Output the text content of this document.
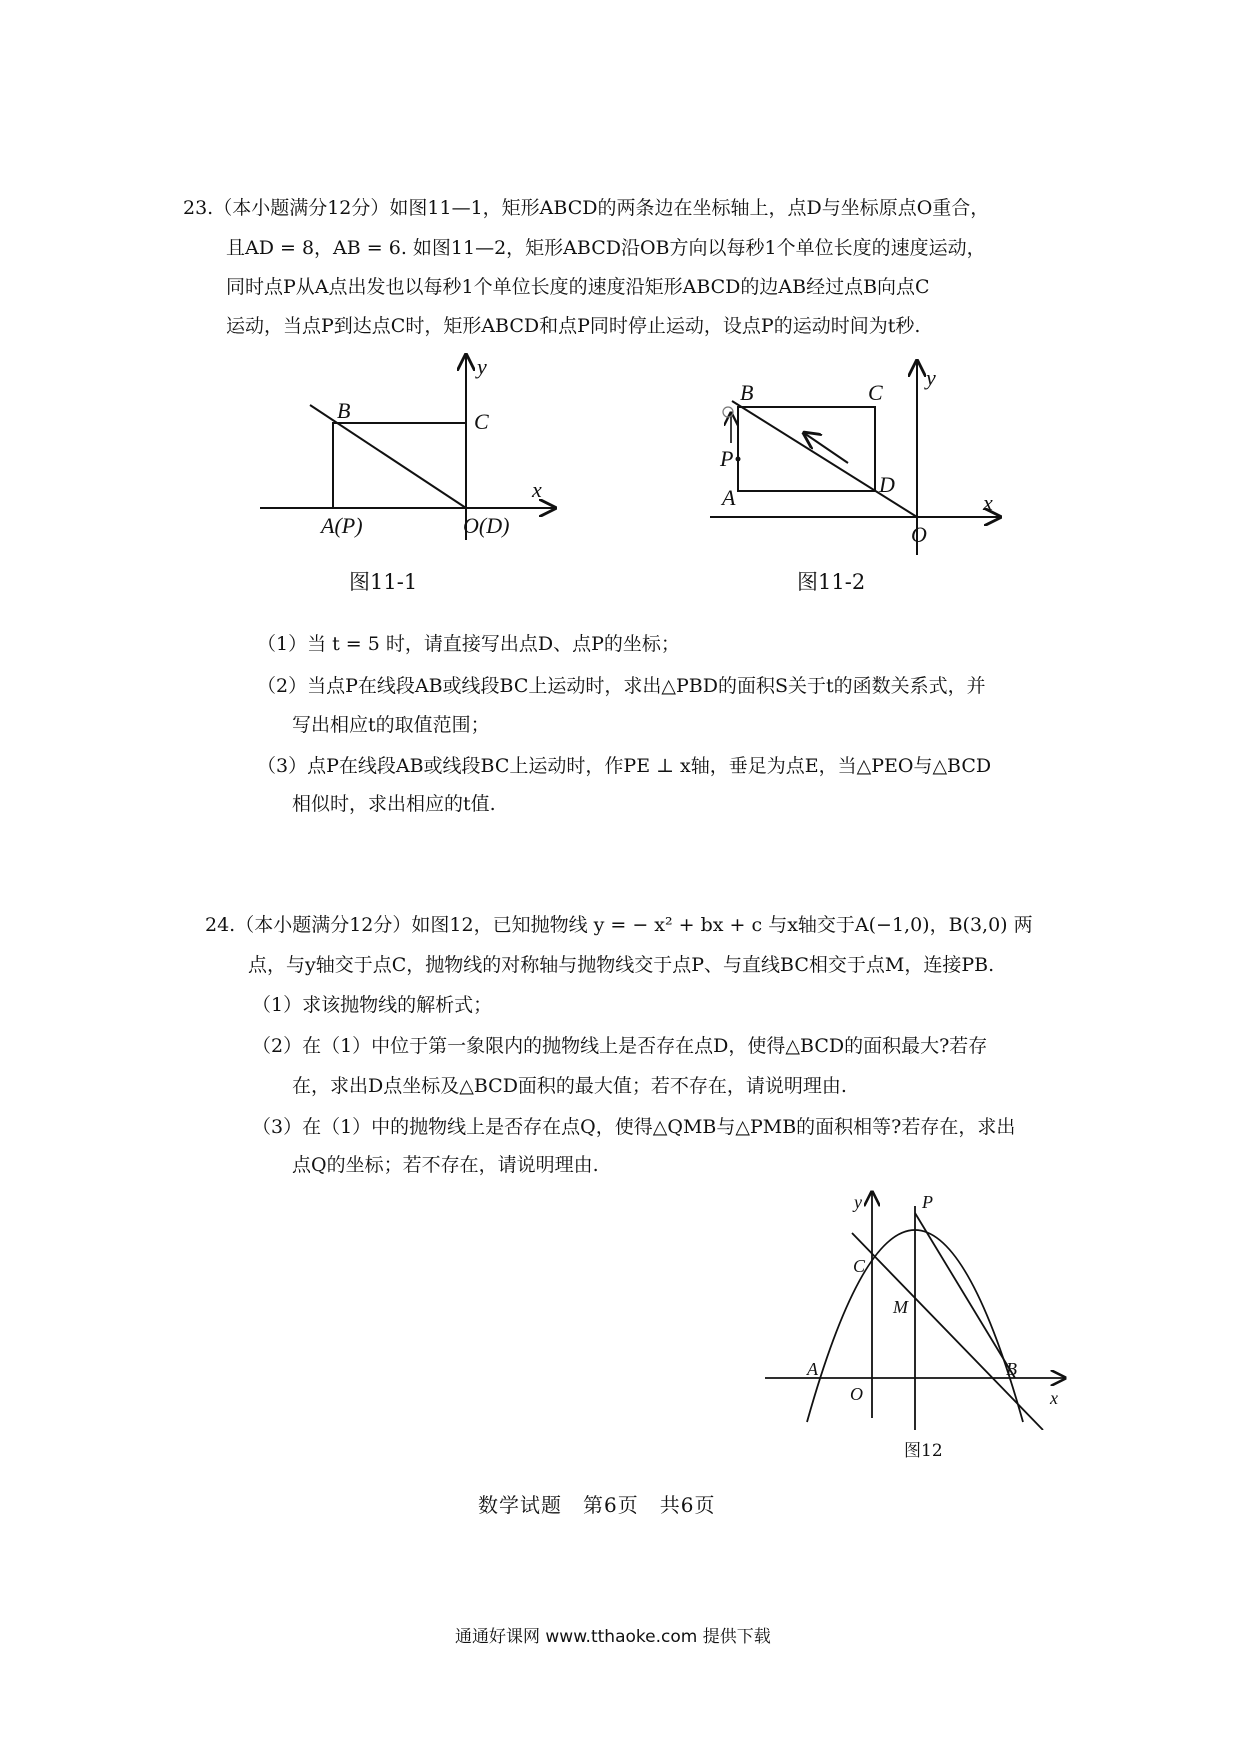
23.（本小题满分12分）如图11—1，矩形ABCD的两条边在坐标轴上，点D与坐标原点O重合，
且AD = 8，AB = 6. 如图11—2，矩形ABCD沿OB方向以每秒1个单位长度的速度运动，
同时点P从A点出发也以每秒1个单位长度的速度沿矩形ABCD的边AB经过点B向点C
运动，当点P到达点C时，矩形ABCD和点P同时停止运动，设点P的运动时间为t秒.
B	C
x
y
A(P)	O(D)
图11-1
B	C
y
P
D
A	x
O
图11-2
（1）当 t = 5 时，请直接写出点D、点P的坐标；
（2）当点P在线段AB或线段BC上运动时，求出△PBD的面积S关于t的函数关系式，并
写出相应t的取值范围；
（3）点P在线段AB或线段BC上运动时，作PE ⊥ x轴，垂足为点E，当△PEO与△BCD
相似时，求出相应的t值.
24.（本小题满分12分）如图12，已知抛物线 y = − x² + bx + c 与x轴交于A(−1,0)，B(3,0) 两
点，与y轴交于点C，抛物线的对称轴与抛物线交于点P、与直线BC相交于点M，连接PB.
（1）求该抛物线的解析式；
（2）在（1）中位于第一象限内的抛物线上是否存在点D，使得△BCD的面积最大?若存
在，求出D点坐标及△BCD面积的最大值；若不存在，请说明理由.
（3）在（1）中的抛物线上是否存在点Q，使得△QMB与△PMB的面积相等?若存在，求出
点Q的坐标；若不存在，请说明理由.
y	P
C
M
A	B
O	x
图12
数学试题　第6页　共6页
通通好课网 www.tthaoke.com 提供下载
